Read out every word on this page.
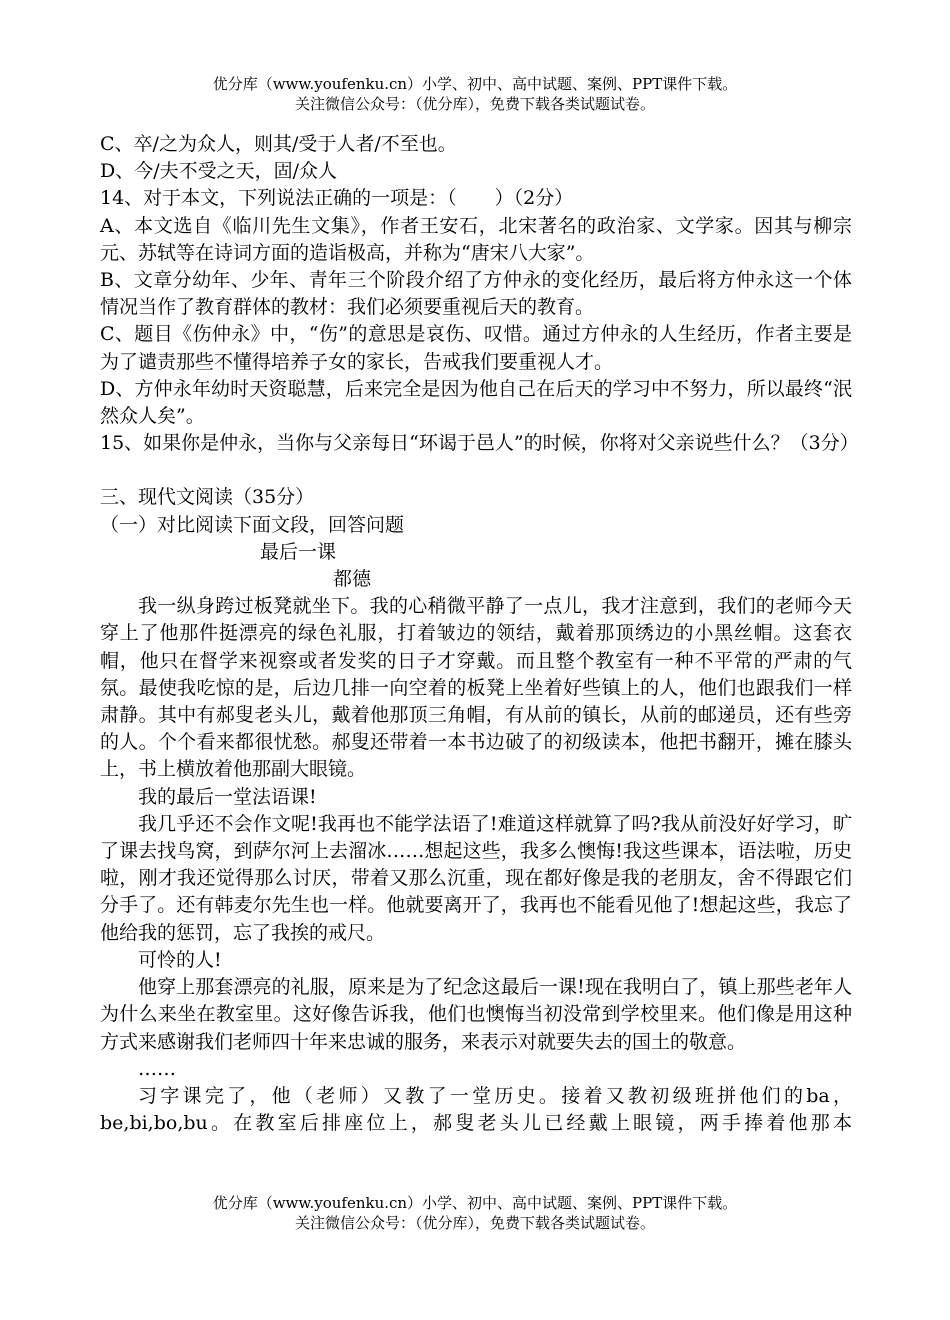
优分库（www.youfenku.cn）小学、初中、高中试题、案例、PPT课件下载。
关注微信公众号：（优分库），免费下载各类试题试卷。

C、卒/之为众人，则其/受于人者/不至也。

D、今/夫不受之天，固/众人

14、对于本文，下列说法正确的一项是：（　　）（2分）

A、本文选自《临川先生文集》，作者王安石，北宋著名的政治家、文学家。因其与柳宗元、苏轼等在诗词方面的造诣极高，并称为“唐宋八大家”。

B、文章分幼年、少年、青年三个阶段介绍了方仲永的变化经历，最后将方仲永这一个体情况当作了教育群体的教材：我们必须要重视后天的教育。

C、题目《伤仲永》中，“伤”的意思是哀伤、叹惜。通过方仲永的人生经历，作者主要是为了谴责那些不懂得培养子女的家长，告戒我们要重视人才。

D、方仲永年幼时天资聪慧，后来完全是因为他自己在后天的学习中不努力，所以最终“泯然众人矣”。

15、如果你是仲永，当你与父亲每日“环谒于邑人”的时候，你将对父亲说些什么？（3分）

三、现代文阅读（35分）

（一）对比阅读下面文段，回答问题

最后一课

都德

我一纵身跨过板凳就坐下。我的心稍微平静了一点儿，我才注意到，我们的老师今天穿上了他那件挺漂亮的绿色礼服，打着皱边的领结，戴着那顶绣边的小黑丝帽。这套衣帽，他只在督学来视察或者发奖的日子才穿戴。而且整个教室有一种不平常的严肃的气氛。最使我吃惊的是，后边几排一向空着的板凳上坐着好些镇上的人，他们也跟我们一样肃静。其中有郝叟老头儿，戴着他那顶三角帽，有从前的镇长，从前的邮递员，还有些旁的人。个个看来都很忧愁。郝叟还带着一本书边破了的初级读本，他把书翻开，摊在膝头上，书上横放着他那副大眼镜。

我的最后一堂法语课!

我几乎还不会作文呢!我再也不能学法语了!难道这样就算了吗?我从前没好好学习，旷了课去找鸟窝，到萨尔河上去溜冰……想起这些，我多么懊悔!我这些课本，语法啦，历史啦，刚才我还觉得那么讨厌，带着又那么沉重，现在都好像是我的老朋友，舍不得跟它们分手了。还有韩麦尔先生也一样。他就要离开了，我再也不能看见他了!想起这些，我忘了他给我的惩罚，忘了我挨的戒尺。

可怜的人!

他穿上那套漂亮的礼服，原来是为了纪念这最后一课!现在我明白了，镇上那些老年人为什么来坐在教室里。这好像告诉我，他们也懊悔当初没常到学校里来。他们像是用这种方式来感谢我们老师四十年来忠诚的服务，来表示对就要失去的国土的敬意。

……

习字课完了，他（老师）又教了一堂历史。接着又教初级班拼他们的ba，be,bi,bo,bu。在教室后排座位上，郝叟老头儿已经戴上眼镜，两手捧着他那本

优分库（www.youfenku.cn）小学、初中、高中试题、案例、PPT课件下载。
关注微信公众号：（优分库），免费下载各类试题试卷。
